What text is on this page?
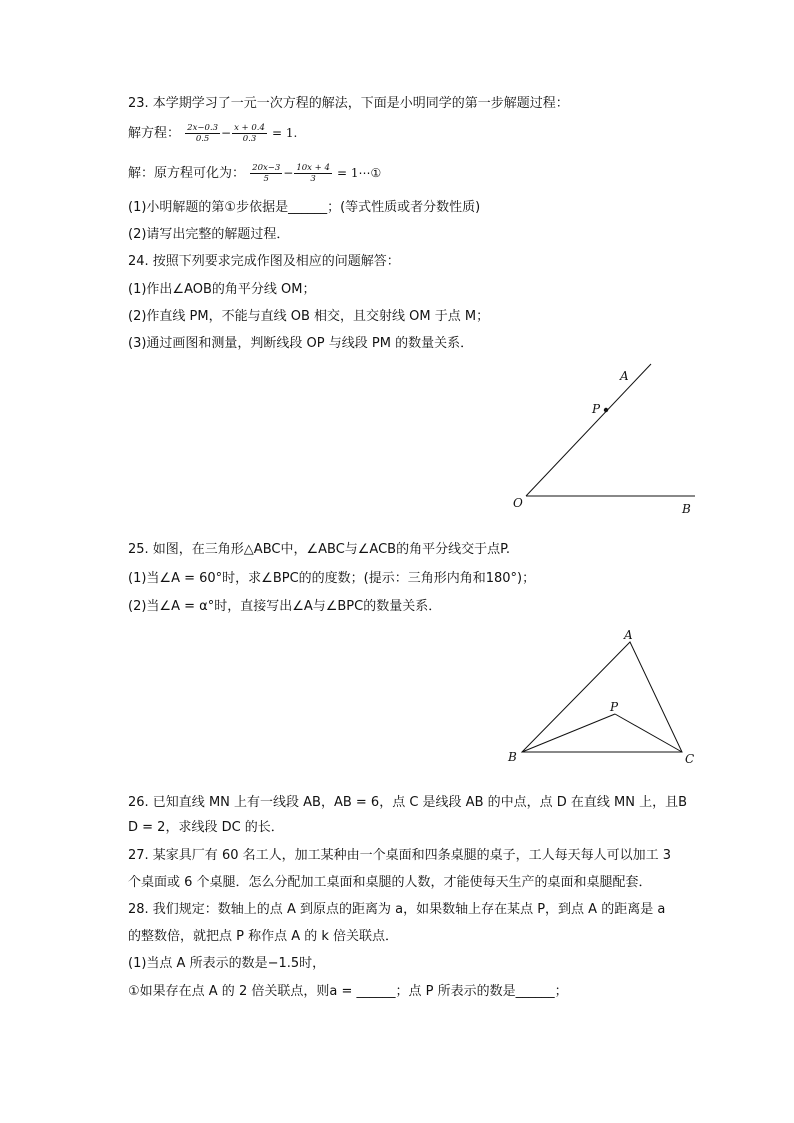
23. 本学期学习了一元一次方程的解法，下面是小明同学的第一步解题过程：
解方程： $\frac{2x-0.3}{0.5} - \frac{x + 0.4}{0.3} = 1$.
解：原方程可化为： $\frac{20x-3}{5} - \frac{10x + 4}{3}$ = 1⋯①
(1)小明解题的第①步依据是______；(等式性质或者分数性质)
(2)请写出完整的解题过程．
24. 按照下列要求完成作图及相应的问题解答：
(1)作出∠AOB的角平分线 OM；
(2)作直线 PM，不能与直线 OB 相交，且交射线 OM 于点 M；
(3)通过画图和测量，判断线段 OP 与线段 PM 的数量关系．
A
P
O	B
25. 如图，在三角形△ABC中，∠ABC与∠ACB的角平分线交于点P.
(1)当∠A = 60°时，求∠BPC的的度数；(提示：三角形内角和180°)；
(2)当∠A = α°时，直接写出∠A与∠BPC的数量关系．
A
P
B	C
26. 已知直线 MN 上有一线段 AB，AB = 6，点 C 是线段 AB 的中点，点 D 在直线 MN 上，且B
D = 2，求线段 DC 的长．
27. 某家具厂有 60 名工人，加工某种由一个桌面和四条桌腿的桌子，工人每天每人可以加工 3
个桌面或 6 个桌腿．怎么分配加工桌面和桌腿的人数，才能使每天生产的桌面和桌腿配套．
28. 我们规定：数轴上的点 A 到原点的距离为 a，如果数轴上存在某点 P，到点 A 的距离是 a
的整数倍，就把点 P 称作点 A 的 k 倍关联点．
(1)当点 A 所表示的数是−1.5时，
①如果存在点 A 的 2 倍关联点，则a = ______；点 P 所表示的数是______；
